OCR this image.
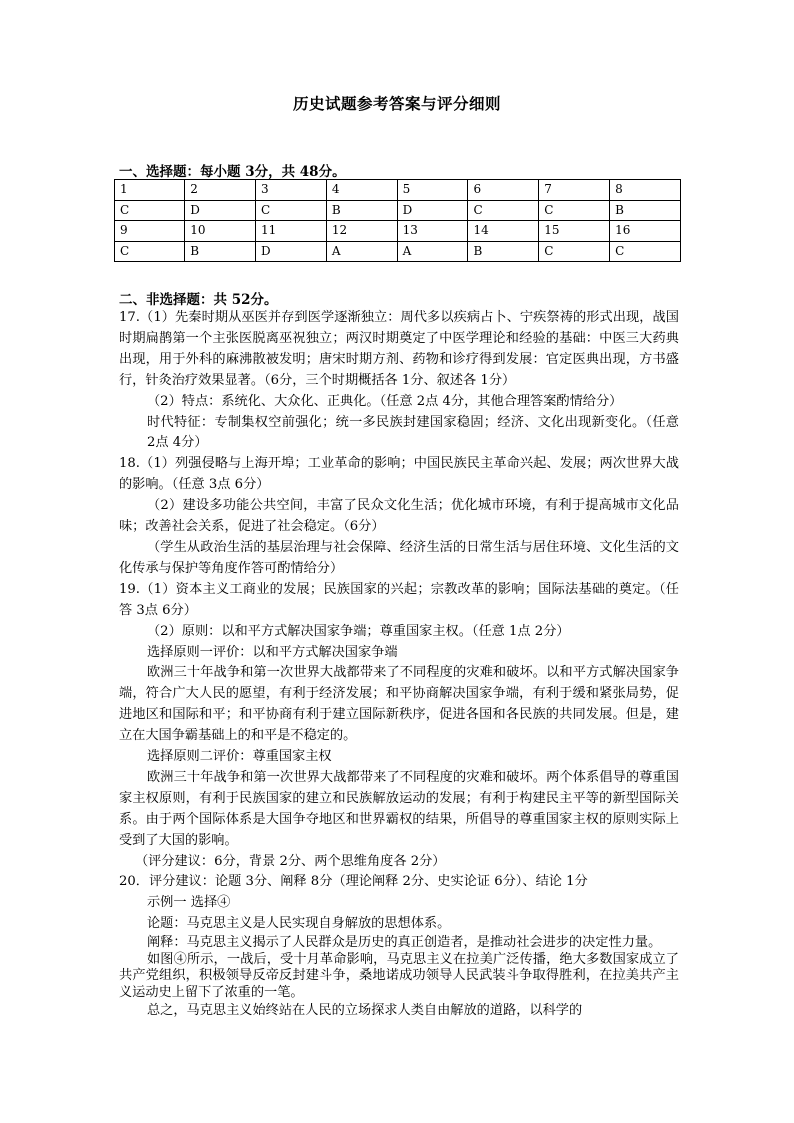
历史试题参考答案与评分细则
一、选择题：每小题 3分，共 48分。
1	2	3	4	5	6	7	8
C	D	C	B	D	C	C	B
9	10	11	12	13	14	15	16
C	B	D	A	A	B	C	C
二、非选择题：共 52分。

17.（1）先秦时期从巫医并存到医学逐渐独立：周代多以疾病占卜、宁疾祭祷的形式出现，战国时期扁鹊第一个主张医脱离巫祝独立；两汉时期奠定了中医学理论和经验的基础：中医三大药典出现，用于外科的麻沸散被发明；唐宋时期方剂、药物和诊疗得到发展：官定医典出现，方书盛行，针灸治疗效果显著。（6分，三个时期概括各 1分、叙述各 1分）

（2）特点：系统化、大众化、正典化。（任意 2点 4分，其他合理答案酌情给分）

时代特征：专制集权空前强化；统一多民族封建国家稳固；经济、文化出现新变化。（任意 2点 4分）

18.（1）列强侵略与上海开埠；工业革命的影响；中国民族民主革命兴起、发展；两次世界大战的影响。（任意 3点 6分）

（2）建设多功能公共空间，丰富了民众文化生活；优化城市环境，有利于提高城市文化品味；改善社会关系，促进了社会稳定。（6分）

（学生从政治生活的基层治理与社会保障、经济生活的日常生活与居住环境、文化生活的文化传承与保护等角度作答可酌情给分）

19.（1）资本主义工商业的发展；民族国家的兴起；宗教改革的影响；国际法基础的奠定。（任答 3点 6分）

（2）原则：以和平方式解决国家争端；尊重国家主权。（任意 1点 2分）

选择原则一评价：以和平方式解决国家争端

欧洲三十年战争和第一次世界大战都带来了不同程度的灾难和破坏。以和平方式解决国家争端，符合广大人民的愿望，有利于经济发展；和平协商解决国家争端，有利于缓和紧张局势，促进地区和国际和平；和平协商有利于建立国际新秩序，促进各国和各民族的共同发展。但是，建立在大国争霸基础上的和平是不稳定的。

选择原则二评价：尊重国家主权

欧洲三十年战争和第一次世界大战都带来了不同程度的灾难和破坏。两个体系倡导的尊重国家主权原则，有利于民族国家的建立和民族解放运动的发展；有利于构建民主平等的新型国际关系。由于两个国际体系是大国争夺地区和世界霸权的结果，所倡导的尊重国家主权的原则实际上受到了大国的影响。

（评分建议：6分，背景 2分、两个思维角度各 2分）

20．评分建议：论题 3分、阐释 8分（理论阐释 2分、史实论证 6分）、结论 1分

示例一 选择④

论题：马克思主义是人民实现自身解放的思想体系。

阐释：马克思主义揭示了人民群众是历史的真正创造者，是推动社会进步的决定性力量。

如图④所示，一战后，受十月革命影响，马克思主义在拉美广泛传播，绝大多数国家成立了共产党组织，积极领导反帝反封建斗争，桑地诺成功领导人民武装斗争取得胜利，在拉美共产主义运动史上留下了浓重的一笔。

总之，马克思主义始终站在人民的立场探求人类自由解放的道路，以科学的
